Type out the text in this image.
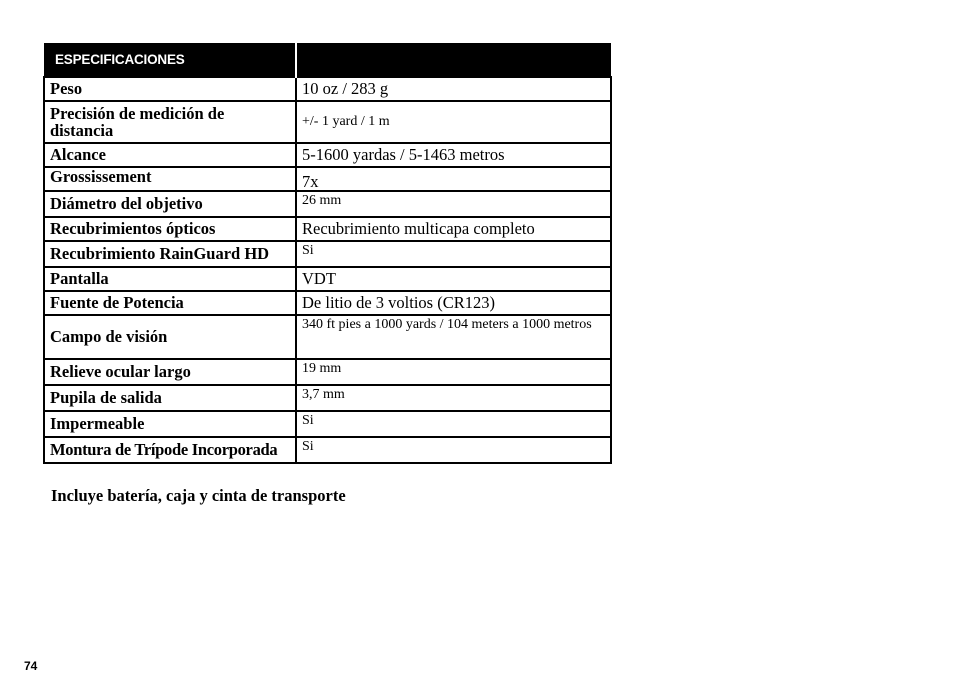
ESPECIFICACIONES	
Peso	10 oz / 283 g
Precisión de medición de distancia	+/- 1 yard / 1 m
Alcance	5-1600 yardas / 5-1463 metros
Grossissement	7x
Diámetro del objetivo	26 mm
Recubrimientos ópticos	Recubrimiento multicapa completo
Recubrimiento RainGuard HD	Si
Pantalla	VDT
Fuente de Potencia	De litio de 3 voltios (CR123)
Campo de visión	340 ft pies a 1000 yards / 104 meters a 1000 metros
Relieve ocular largo	19 mm
Pupila de salida	3,7 mm
Impermeable	Si
Montura de Trípode Incorporada	Si
Incluye batería, caja y cinta de transporte
74
